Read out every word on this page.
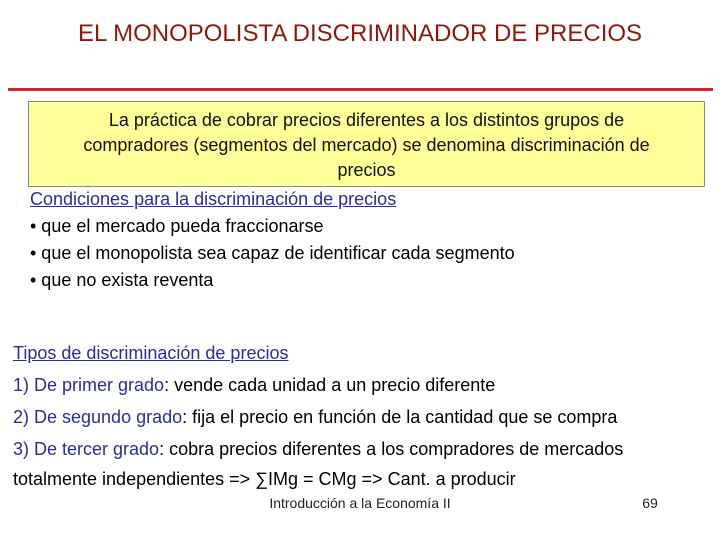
EL MONOPOLISTA DISCRIMINADOR DE PRECIOS
La práctica de cobrar precios diferentes a los distintos grupos de
compradores (segmentos del mercado) se denomina discriminación de
precios
Condiciones para la discriminación de precios
• que el mercado pueda fraccionarse
• que el monopolista sea capaz de identificar cada segmento
• que no exista reventa
Tipos de discriminación de precios
1) De primer grado: vende cada unidad a un precio diferente
2) De segundo grado: fija el precio en función de la cantidad que se compra
3) De tercer grado: cobra precios diferentes a los compradores de mercados
totalmente independientes => ∑IMg = CMg => Cant. a producir
Introducción a la Economía II	69
